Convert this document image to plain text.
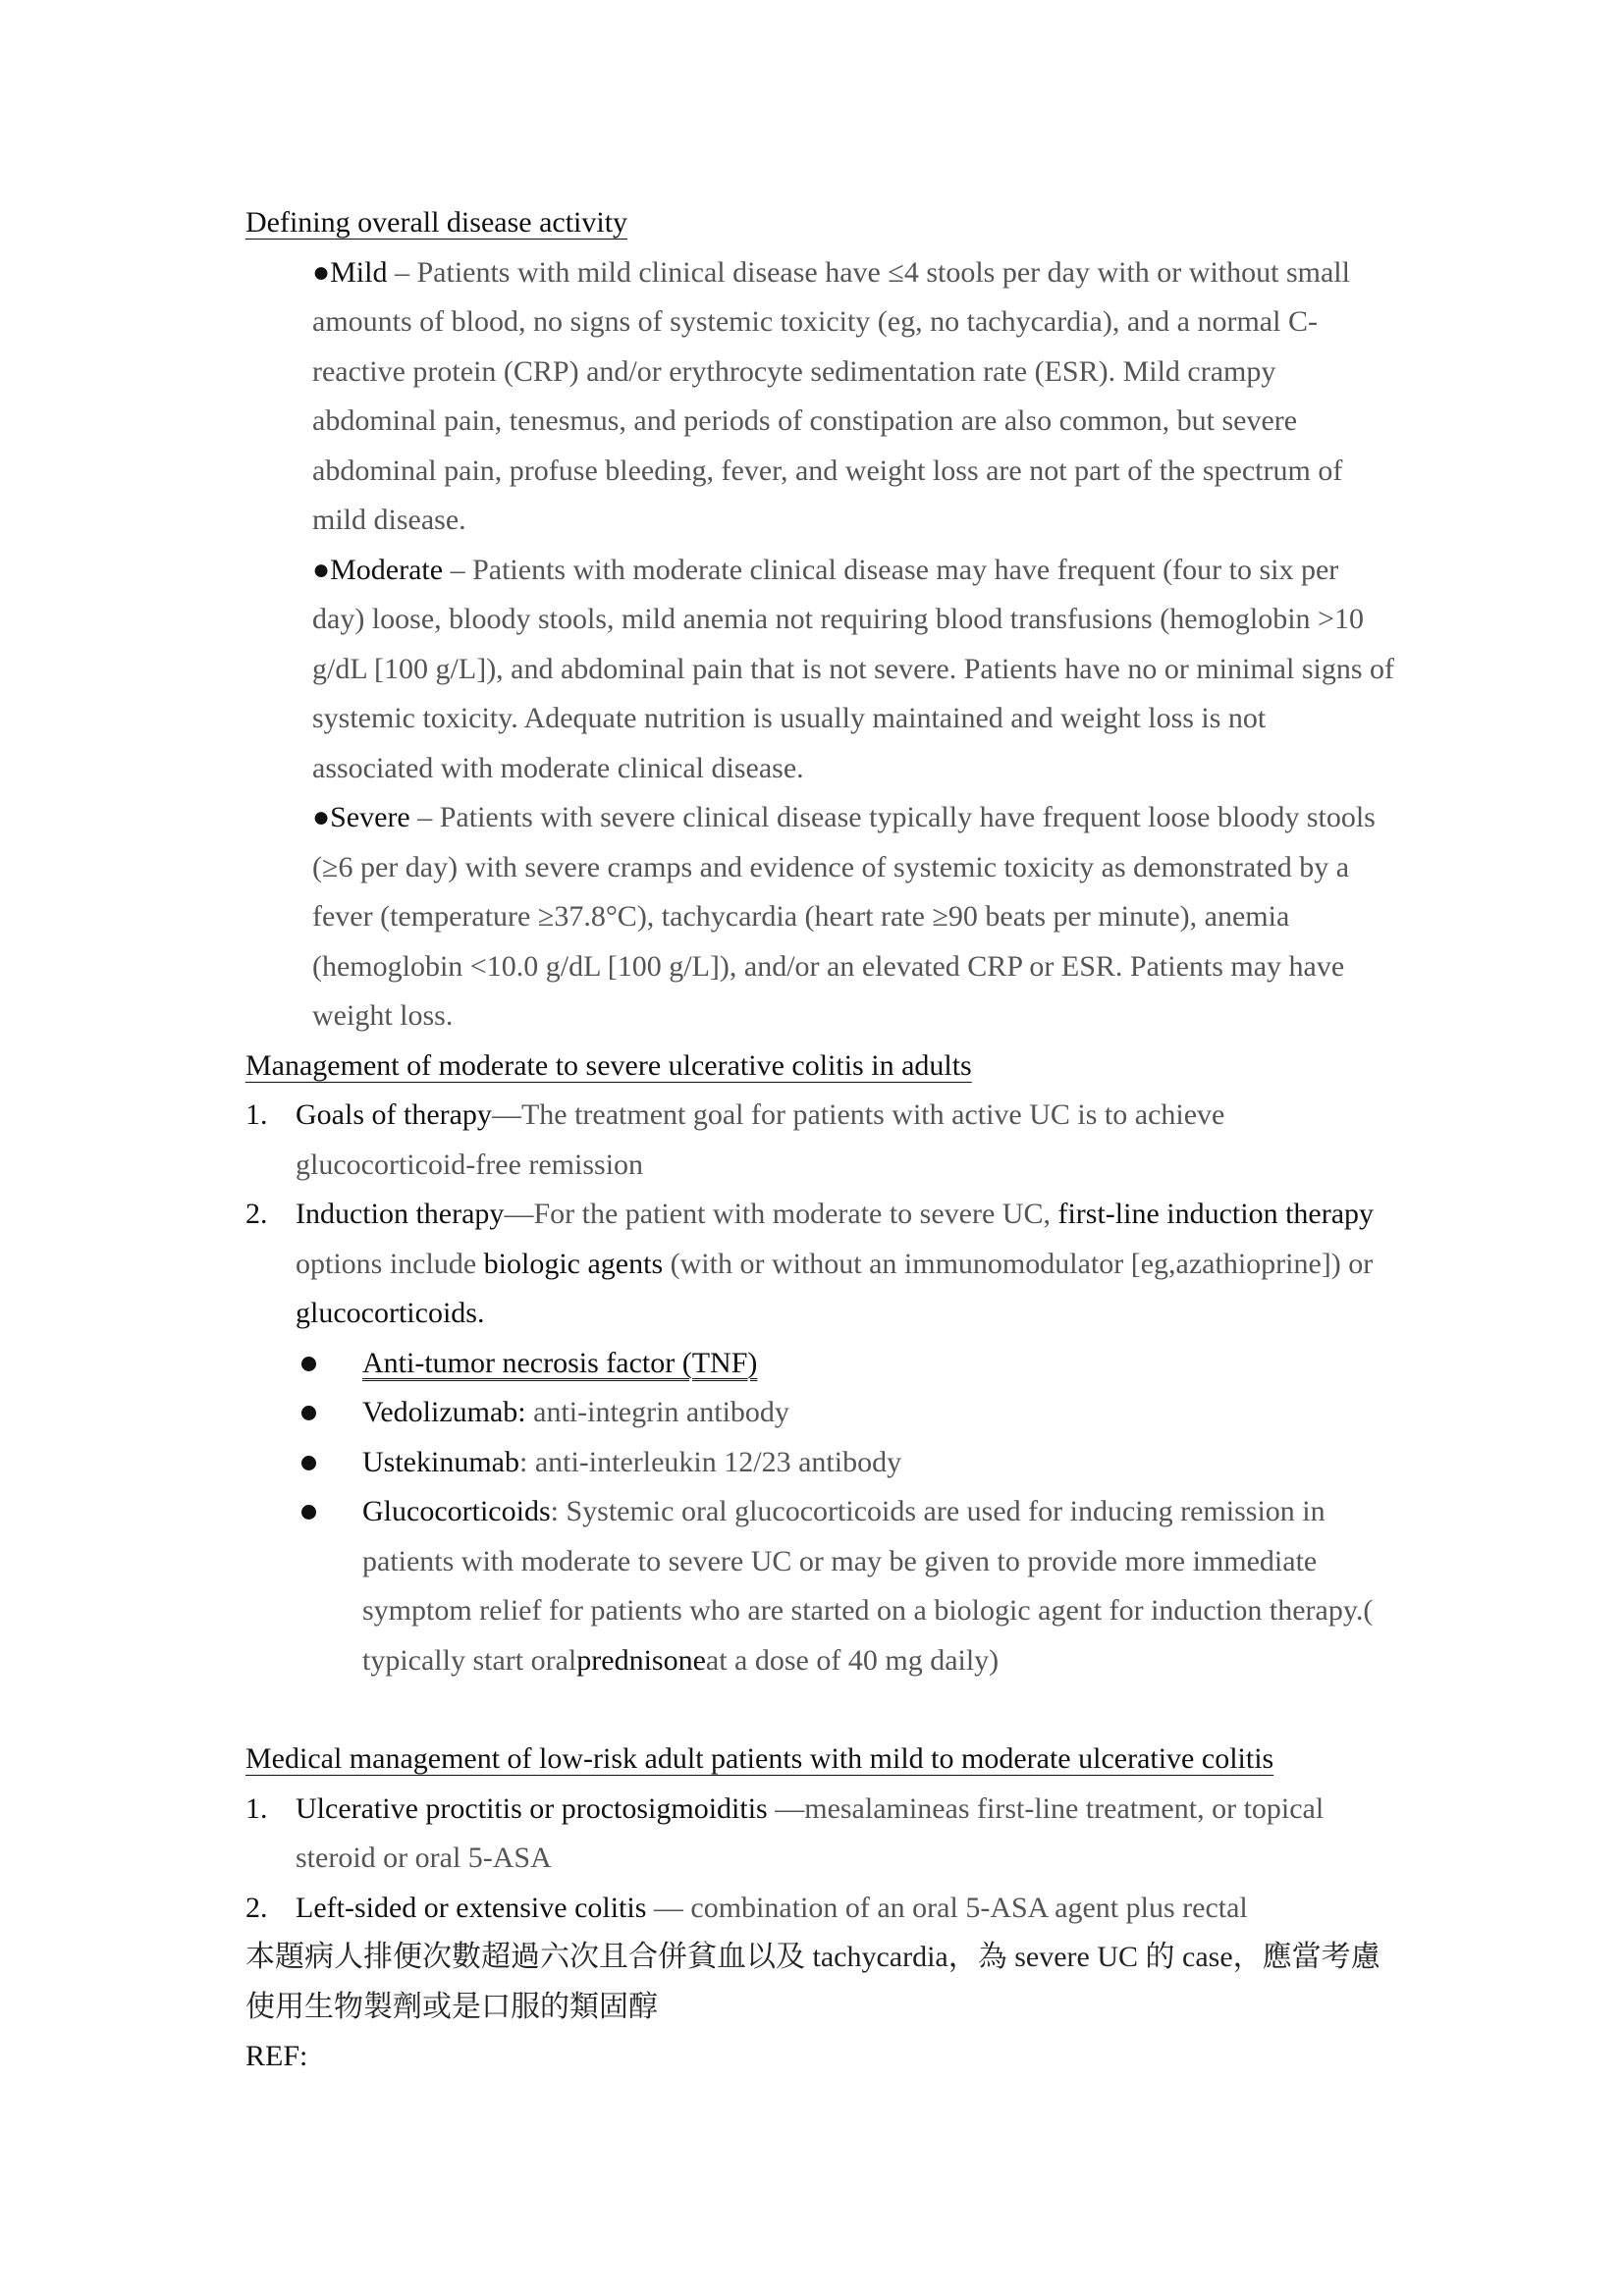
Defining overall disease activity
●Mild – Patients with mild clinical disease have ≤4 stools per day with or without small amounts of blood, no signs of systemic toxicity (eg, no tachycardia), and a normal C-reactive protein (CRP) and/or erythrocyte sedimentation rate (ESR). Mild crampy abdominal pain, tenesmus, and periods of constipation are also common, but severe abdominal pain, profuse bleeding, fever, and weight loss are not part of the spectrum of mild disease.
●Moderate – Patients with moderate clinical disease may have frequent (four to six per day) loose, bloody stools, mild anemia not requiring blood transfusions (hemoglobin >10 g/dL [100 g/L]), and abdominal pain that is not severe. Patients have no or minimal signs of systemic toxicity. Adequate nutrition is usually maintained and weight loss is not associated with moderate clinical disease.
●Severe – Patients with severe clinical disease typically have frequent loose bloody stools (≥6 per day) with severe cramps and evidence of systemic toxicity as demonstrated by a fever (temperature ≥37.8°C), tachycardia (heart rate ≥90 beats per minute), anemia (hemoglobin <10.0 g/dL [100 g/L]), and/or an elevated CRP or ESR. Patients may have weight loss.
Management of moderate to severe ulcerative colitis in adults
1. Goals of therapy—The treatment goal for patients with active UC is to achieve glucocorticoid-free remission
2. Induction therapy—For the patient with moderate to severe UC, first-line induction therapy options include biologic agents (with or without an immunomodulator [eg,azathioprine]) or glucocorticoids.
Anti-tumor necrosis factor (TNF)
Vedolizumab: anti-integrin antibody
Ustekinumab: anti-interleukin 12/23 antibody
Glucocorticoids: Systemic oral glucocorticoids are used for inducing remission in patients with moderate to severe UC or may be given to provide more immediate symptom relief for patients who are started on a biologic agent for induction therapy.( typically start oralprednisoneat a dose of 40 mg daily)
Medical management of low-risk adult patients with mild to moderate ulcerative colitis
1. Ulcerative proctitis or proctosigmoiditis —mesalamineas first-line treatment, or topical steroid or oral 5-ASA
2. Left-sided or extensive colitis — combination of an oral 5-ASA agent plus rectal
本題病人排便次數超過六次且合併貧血以及 tachycardia，為 severe UC 的 case，應當考慮使用生物製劑或是口服的類固醇
REF:
